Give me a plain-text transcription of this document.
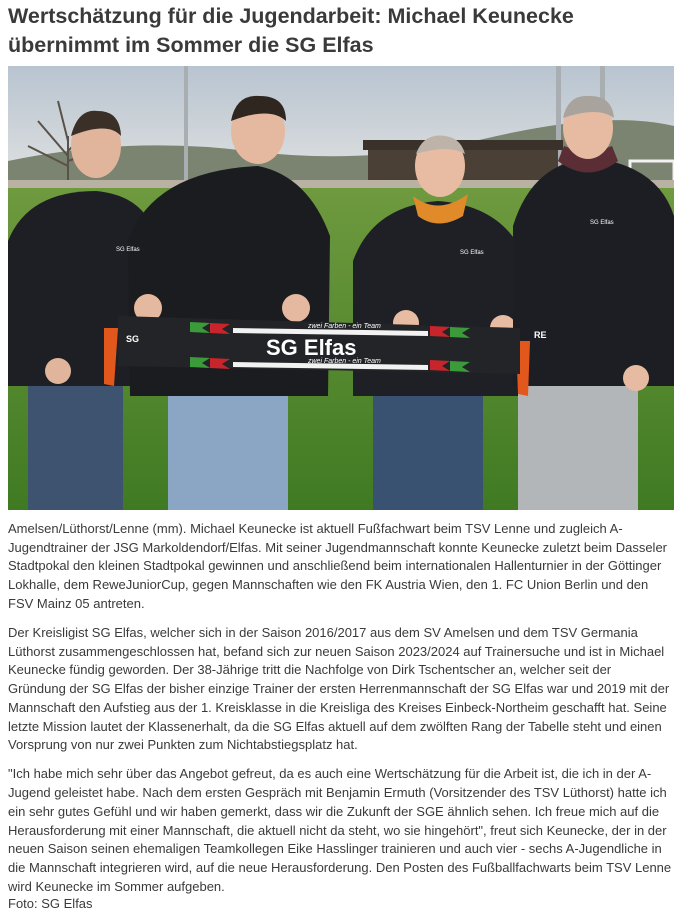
Wertschätzung für die Jugendarbeit: Michael Keunecke übernimmt im Sommer die SG Elfas
SG Elfas	SG Elfas
SG Elfas
RE
zwei Farben - ein Team
SG Elfas
zwei Farben - ein Team
SG

Amelsen/Lüthorst/Lenne (mm). Michael Keunecke ist aktuell Fußfachwart beim TSV Lenne und zugleich A-Jugendtrainer der JSG Markoldendorf/Elfas. Mit seiner Jugendmannschaft konnte Keunecke zuletzt beim Dasseler Stadtpokal den kleinen Stadtpokal gewinnen und anschließend beim internationalen Hallenturnier in der Göttinger Lokhalle, dem ReweJuniorCup, gegen Mannschaften wie den FK Austria Wien, den 1. FC Union Berlin und den FSV Mainz 05 antreten.

Der Kreisligist SG Elfas, welcher sich in der Saison 2016/2017 aus dem SV Amelsen und dem TSV Germania Lüthorst zusammengeschlossen hat, befand sich zur neuen Saison 2023/2024 auf Trainersuche und ist in Michael Keunecke fündig geworden. Der 38-Jährige tritt die Nachfolge von Dirk Tschentscher an, welcher seit der Gründung der SG Elfas der bisher einzige Trainer der ersten Herrenmannschaft der SG Elfas war und 2019 mit der Mannschaft den Aufstieg aus der 1. Kreisklasse in die Kreisliga des Kreises Einbeck-Northeim geschafft hat. Seine letzte Mission lautet der Klassenerhalt, da die SG Elfas aktuell auf dem zwölften Rang der Tabelle steht und einen Vorsprung von nur zwei Punkten zum Nichtabstiegsplatz hat.

"Ich habe mich sehr über das Angebot gefreut, da es auch eine Wertschätzung für die Arbeit ist, die ich in der A-Jugend geleistet habe. Nach dem ersten Gespräch mit Benjamin Ermuth (Vorsitzender des TSV Lüthorst) hatte ich ein sehr gutes Gefühl und wir haben gemerkt, dass wir die Zukunft der SGE ähnlich sehen. Ich freue mich auf die Herausforderung mit einer Mannschaft, die aktuell nicht da steht, wo sie hingehört", freut sich Keunecke, der in der neuen Saison seinen ehemaligen Teamkollegen Eike Hasslinger trainieren und auch vier - sechs A-Jugendliche in die Mannschaft integrieren wird, auf die neue Herausforderung. Den Posten des Fußballfachwarts beim TSV Lenne wird Keunecke im Sommer aufgeben.

Foto: SG Elfas
